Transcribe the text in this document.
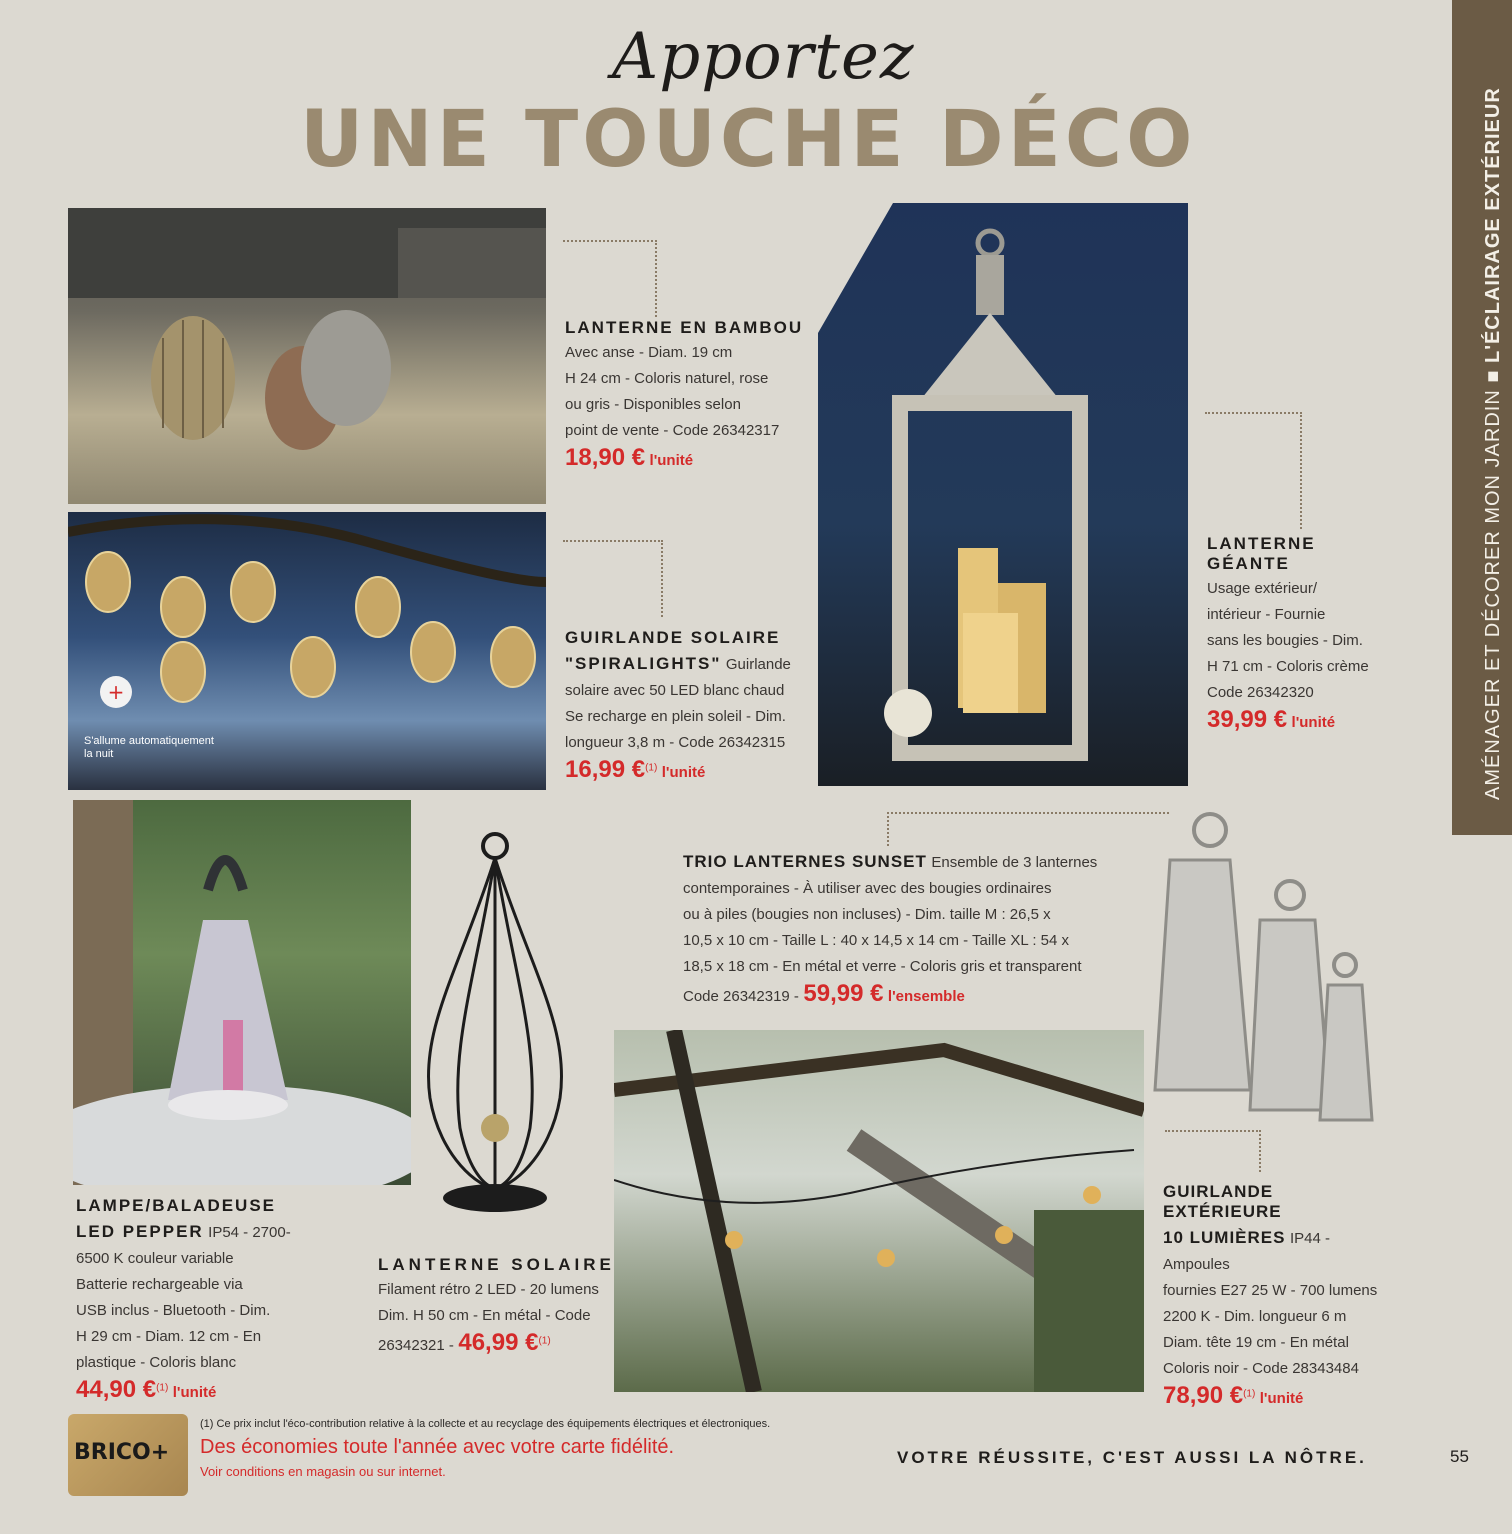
Apportez
UNE TOUCHE DÉCO
AMÉNAGER ET DÉCORER MON JARDIN ■ L'ÉCLAIRAGE EXTÉRIEUR
+
S'allume automatiquement la nuit
LANTERNE EN BAMBOU
Avec anse - Diam. 19 cm
H 24 cm - Coloris naturel, rose
ou gris - Disponibles selon
point de vente - Code 26342317
18,90 € l'unité
GUIRLANDE SOLAIRE
"SPIRALIGHTS" Guirlande
solaire avec 50 LED blanc chaud
Se recharge en plein soleil - Dim.
longueur 3,8 m - Code 26342315
16,99 €$^{(1)}$ l'unité
LANTERNE GÉANTE
Usage extérieur/
intérieur - Fournie
sans les bougies - Dim.
H 71 cm - Coloris crème
Code 26342320
39,99 € l'unité
TRIO LANTERNES SUNSET Ensemble de 3 lanternes
contemporaines - À utiliser avec des bougies ordinaires
ou à piles (bougies non incluses) - Dim. taille M : 26,5 x
10,5 x 10 cm - Taille L : 40 x 14,5 x 14 cm - Taille XL : 54 x
18,5 x 18 cm - En métal et verre - Coloris gris et transparent
Code 26342319 - 59,99 € l'ensemble
LAMPE/BALADEUSE
LED PEPPER IP54 - 2700-
6500 K couleur variable
Batterie rechargeable via
USB inclus - Bluetooth - Dim.
H 29 cm - Diam. 12 cm - En
plastique - Coloris blanc
44,90 €$^{(1)}$ l'unité
LANTERNE SOLAIRE
Filament rétro 2 LED - 20 lumens
Dim. H 50 cm - En métal - Code
26342321 - 46,99 €$^{(1)}$
GUIRLANDE EXTÉRIEURE
10 LUMIÈRES IP44 - Ampoules
fournies E27 25 W - 700 lumens
2200 K - Dim. longueur 6 m
Diam. tête 19 cm - En métal
Coloris noir - Code 28343484
78,90 €$^{(1)}$ l'unité
BRICO+
(1) Ce prix inclut l'éco-contribution relative à la collecte et au recyclage des équipements électriques et électroniques.
Des économies toute l'année avec votre carte fidélité.
Voir conditions en magasin ou sur internet.
VOTRE RÉUSSITE, C'EST AUSSI LA NÔTRE.	55
